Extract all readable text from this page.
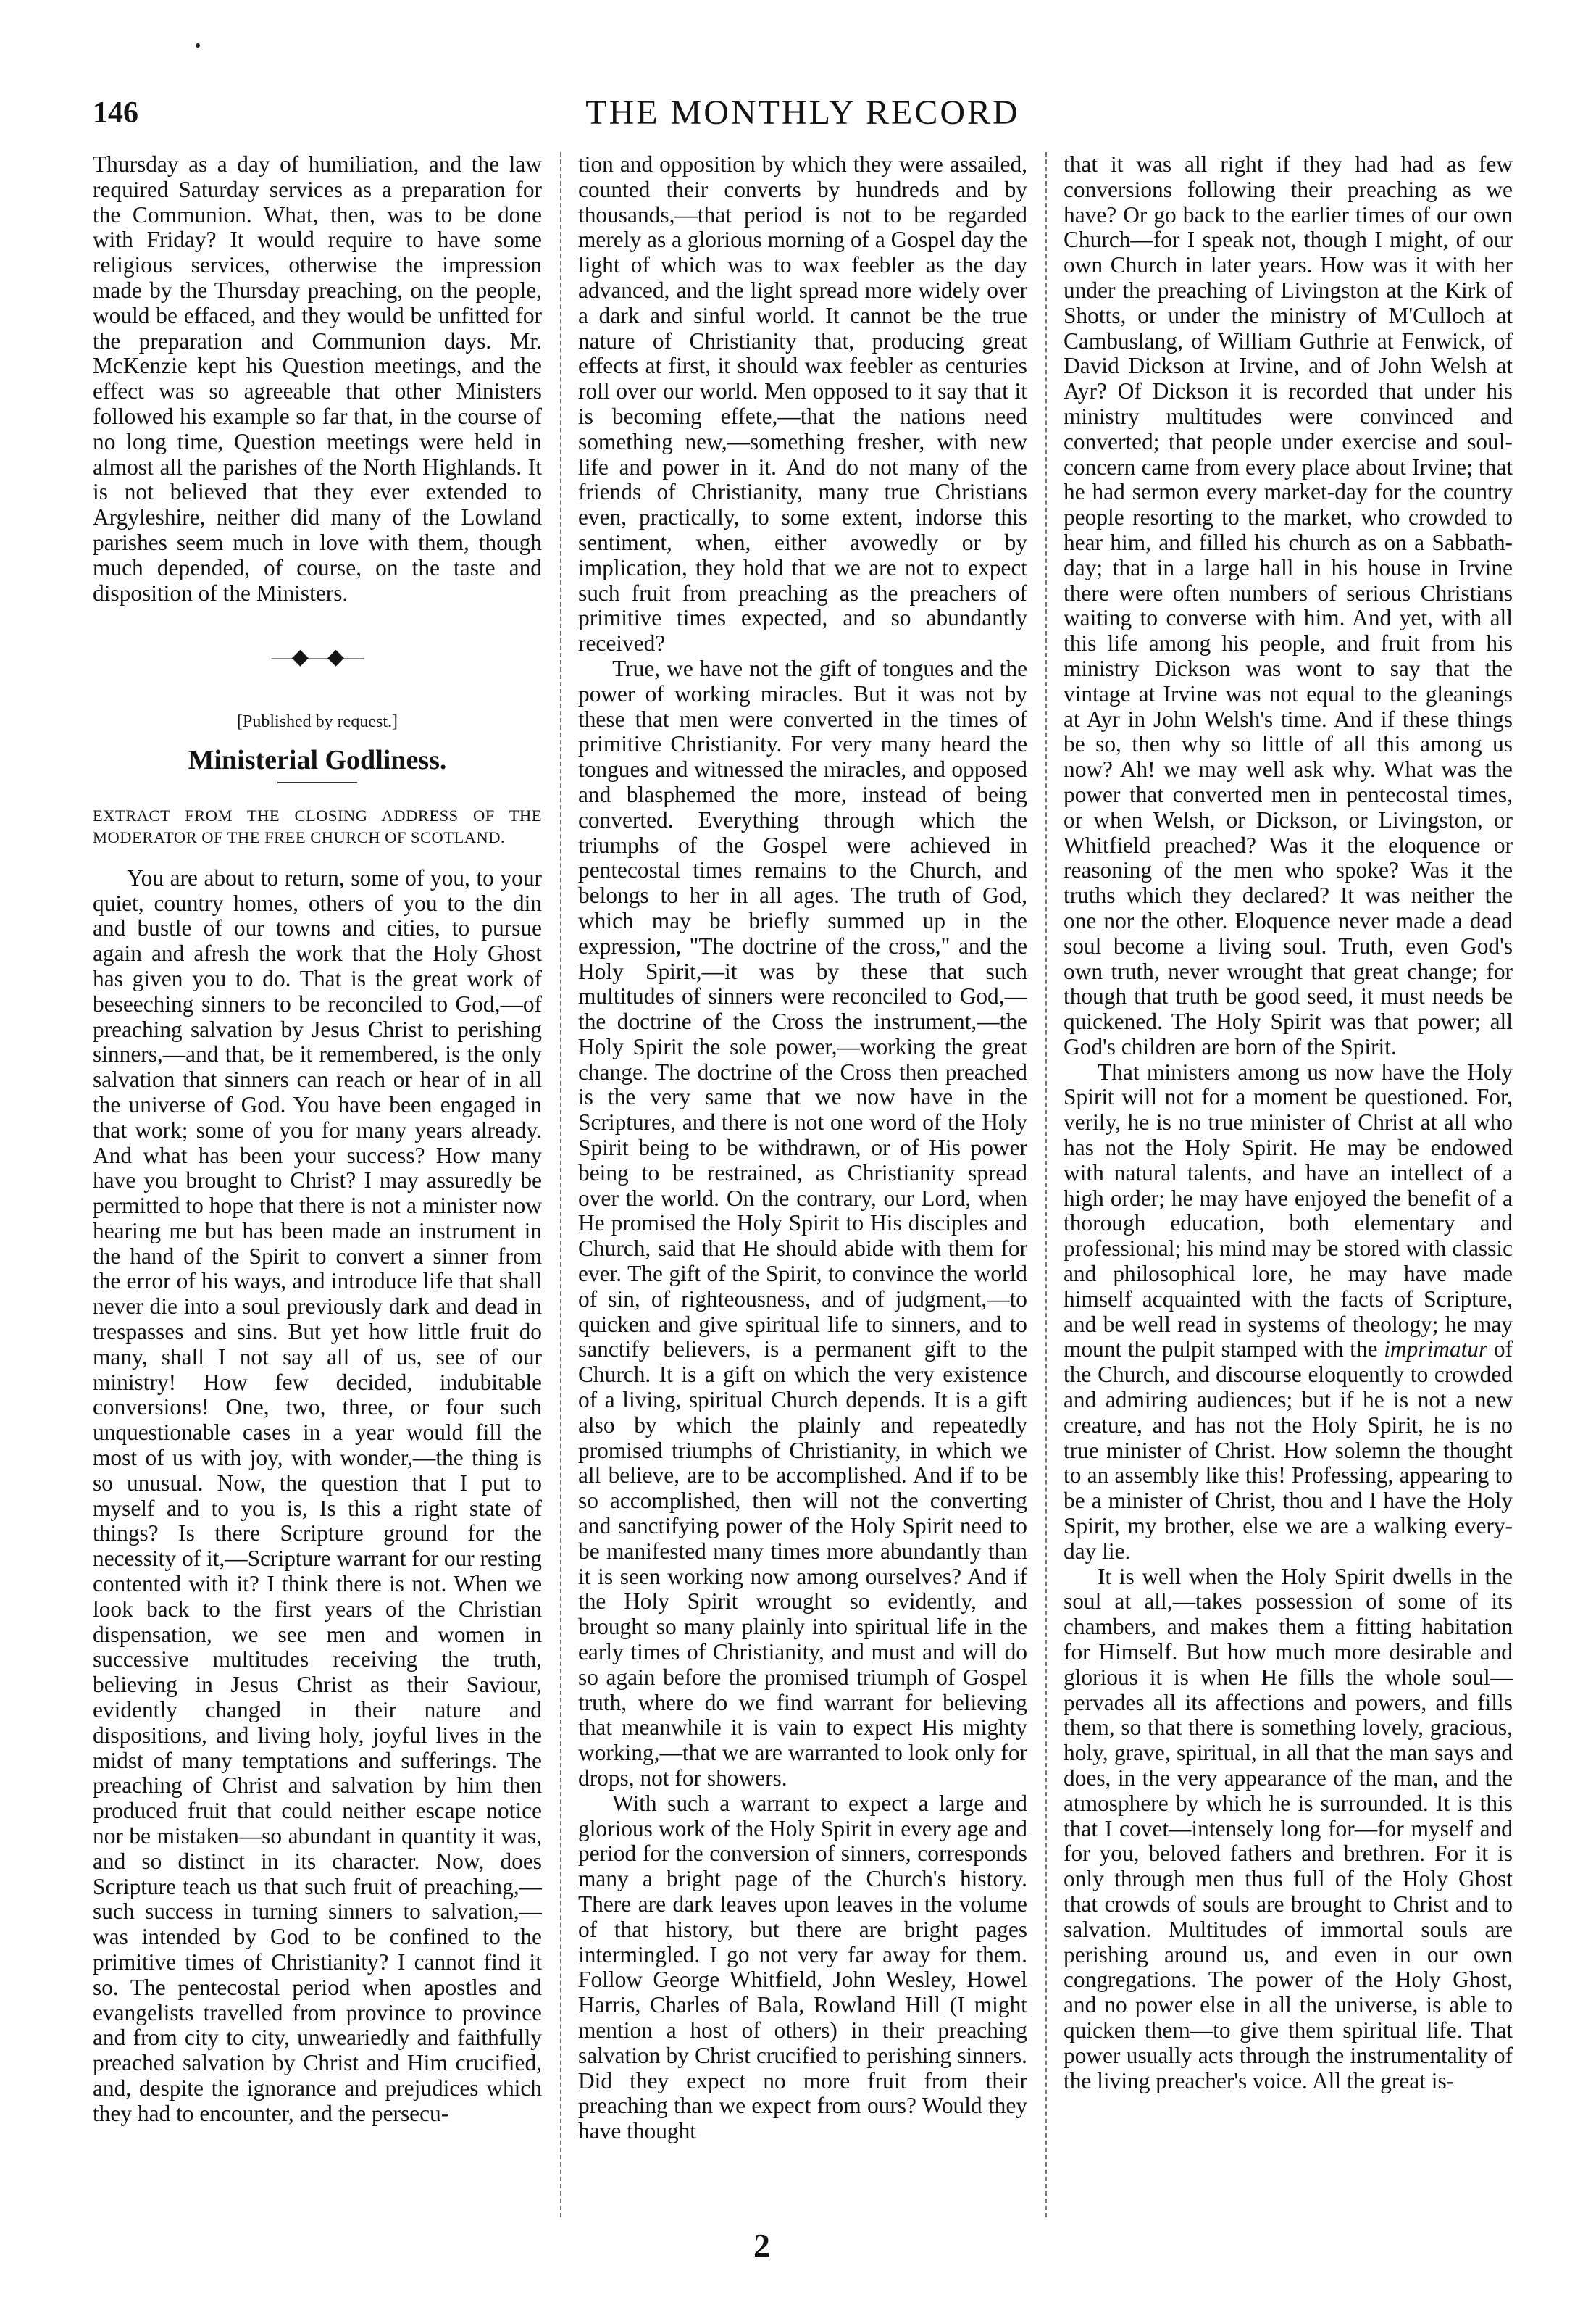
146	THE MONTHLY RECORD

Thursday as a day of humiliation, and the law required Saturday services as a preparation for the Communion. What, then, was to be done with Friday? It would require to have some religious services, otherwise the impression made by the Thursday preaching, on the people, would be effaced, and they would be unfitted for the preparation and Communion days. Mr. McKenzie kept his Question meetings, and the effect was so agreeable that other Ministers followed his example so far that, in the course of no long time, Question meetings were held in almost all the parishes of the North Highlands. It is not believed that they ever extended to Argyleshire, neither did many of the Lowland parishes seem much in love with them, though much depended, of course, on the taste and disposition of the Ministers.

—◆—◆—
[Published by request.]
Ministerial Godliness.
EXTRACT FROM THE CLOSING ADDRESS OF THE MODERATOR OF THE FREE CHURCH OF SCOTLAND.

You are about to return, some of you, to your quiet, country homes, others of you to the din and bustle of our towns and cities, to pursue again and afresh the work that the Holy Ghost has given you to do. That is the great work of beseeching sinners to be reconciled to God,—of preaching salvation by Jesus Christ to perishing sinners,—and that, be it remembered, is the only salvation that sinners can reach or hear of in all the universe of God. You have been engaged in that work; some of you for many years already. And what has been your success? How many have you brought to Christ? I may assuredly be permitted to hope that there is not a minister now hearing me but has been made an instrument in the hand of the Spirit to convert a sinner from the error of his ways, and introduce life that shall never die into a soul previously dark and dead in trespasses and sins. But yet how little fruit do many, shall I not say all of us, see of our ministry! How few decided, indubitable conversions! One, two, three, or four such unquestionable cases in a year would fill the most of us with joy, with wonder,—the thing is so unusual. Now, the question that I put to myself and to you is, Is this a right state of things? Is there Scripture ground for the necessity of it,—Scripture warrant for our resting contented with it? I think there is not. When we look back to the first years of the Christian dispensation, we see men and women in successive multitudes receiving the truth, believing in Jesus Christ as their Saviour, evidently changed in their nature and dispositions, and living holy, joyful lives in the midst of many temptations and sufferings. The preaching of Christ and salvation by him then produced fruit that could neither escape notice nor be mistaken—so abundant in quantity it was, and so distinct in its character. Now, does Scripture teach us that such fruit of preaching,—such success in turning sinners to salvation,—was intended by God to be confined to the primitive times of Christianity? I cannot find it so. The pentecostal period when apostles and evangelists travelled from province to province and from city to city, unweariedly and faithfully preached salvation by Christ and Him crucified, and, despite the ignorance and prejudices which they had to encounter, and the persecu-

tion and opposition by which they were assailed, counted their converts by hundreds and by thousands,—that period is not to be regarded merely as a glorious morning of a Gospel day the light of which was to wax feebler as the day advanced, and the light spread more widely over a dark and sinful world. It cannot be the true nature of Christianity that, producing great effects at first, it should wax feebler as centuries roll over our world. Men opposed to it say that it is becoming effete,—that the nations need something new,—something fresher, with new life and power in it. And do not many of the friends of Christianity, many true Christians even, practically, to some extent, indorse this sentiment, when, either avowedly or by implication, they hold that we are not to expect such fruit from preaching as the preachers of primitive times expected, and so abundantly received?

True, we have not the gift of tongues and the power of working miracles. But it was not by these that men were converted in the times of primitive Christianity. For very many heard the tongues and witnessed the miracles, and opposed and blasphemed the more, instead of being converted. Everything through which the triumphs of the Gospel were achieved in pentecostal times remains to the Church, and belongs to her in all ages. The truth of God, which may be briefly summed up in the expression, "The doctrine of the cross," and the Holy Spirit,—it was by these that such multitudes of sinners were reconciled to God,—the doctrine of the Cross the instrument,—the Holy Spirit the sole power,—working the great change. The doctrine of the Cross then preached is the very same that we now have in the Scriptures, and there is not one word of the Holy Spirit being to be withdrawn, or of His power being to be restrained, as Christianity spread over the world. On the contrary, our Lord, when He promised the Holy Spirit to His disciples and Church, said that He should abide with them for ever. The gift of the Spirit, to convince the world of sin, of righteousness, and of judgment,—to quicken and give spiritual life to sinners, and to sanctify believers, is a permanent gift to the Church. It is a gift on which the very existence of a living, spiritual Church depends. It is a gift also by which the plainly and repeatedly promised triumphs of Christianity, in which we all believe, are to be accomplished. And if to be so accomplished, then will not the converting and sanctifying power of the Holy Spirit need to be manifested many times more abundantly than it is seen working now among ourselves? And if the Holy Spirit wrought so evidently, and brought so many plainly into spiritual life in the early times of Christianity, and must and will do so again before the promised triumph of Gospel truth, where do we find warrant for believing that meanwhile it is vain to expect His mighty working,—that we are warranted to look only for drops, not for showers.

With such a warrant to expect a large and glorious work of the Holy Spirit in every age and period for the conversion of sinners, corresponds many a bright page of the Church's history. There are dark leaves upon leaves in the volume of that history, but there are bright pages intermingled. I go not very far away for them. Follow George Whitfield, John Wesley, Howel Harris, Charles of Bala, Rowland Hill (I might mention a host of others) in their preaching salvation by Christ crucified to perishing sinners. Did they expect no more fruit from their preaching than we expect from ours? Would they have thought

that it was all right if they had had as few conversions following their preaching as we have? Or go back to the earlier times of our own Church—for I speak not, though I might, of our own Church in later years. How was it with her under the preaching of Livingston at the Kirk of Shotts, or under the ministry of M'Culloch at Cambuslang, of William Guthrie at Fenwick, of David Dickson at Irvine, and of John Welsh at Ayr? Of Dickson it is recorded that under his ministry multitudes were convinced and converted; that people under exercise and soul-concern came from every place about Irvine; that he had sermon every market-day for the country people resorting to the market, who crowded to hear him, and filled his church as on a Sabbath-day; that in a large hall in his house in Irvine there were often numbers of serious Christians waiting to converse with him. And yet, with all this life among his people, and fruit from his ministry Dickson was wont to say that the vintage at Irvine was not equal to the gleanings at Ayr in John Welsh's time. And if these things be so, then why so little of all this among us now? Ah! we may well ask why. What was the power that converted men in pentecostal times, or when Welsh, or Dickson, or Livingston, or Whitfield preached? Was it the eloquence or reasoning of the men who spoke? Was it the truths which they declared? It was neither the one nor the other. Eloquence never made a dead soul become a living soul. Truth, even God's own truth, never wrought that great change; for though that truth be good seed, it must needs be quickened. The Holy Spirit was that power; all God's children are born of the Spirit.

That ministers among us now have the Holy Spirit will not for a moment be questioned. For, verily, he is no true minister of Christ at all who has not the Holy Spirit. He may be endowed with natural talents, and have an intellect of a high order; he may have enjoyed the benefit of a thorough education, both elementary and professional; his mind may be stored with classic and philosophical lore, he may have made himself acquainted with the facts of Scripture, and be well read in systems of theology; he may mount the pulpit stamped with the imprimatur of the Church, and discourse eloquently to crowded and admiring audiences; but if he is not a new creature, and has not the Holy Spirit, he is no true minister of Christ. How solemn the thought to an assembly like this! Professing, appearing to be a minister of Christ, thou and I have the Holy Spirit, my brother, else we are a walking every-day lie.

It is well when the Holy Spirit dwells in the soul at all,—takes possession of some of its chambers, and makes them a fitting habitation for Himself. But how much more desirable and glorious it is when He fills the whole soul—pervades all its affections and powers, and fills them, so that there is something lovely, gracious, holy, grave, spiritual, in all that the man says and does, in the very appearance of the man, and the atmosphere by which he is surrounded. It is this that I covet—intensely long for—for myself and for you, beloved fathers and brethren. For it is only through men thus full of the Holy Ghost that crowds of souls are brought to Christ and to salvation. Multitudes of immortal souls are perishing around us, and even in our own congregations. The power of the Holy Ghost, and no power else in all the universe, is able to quicken them—to give them spiritual life. That power usually acts through the instrumentality of the living preacher's voice. All the great is-

2
